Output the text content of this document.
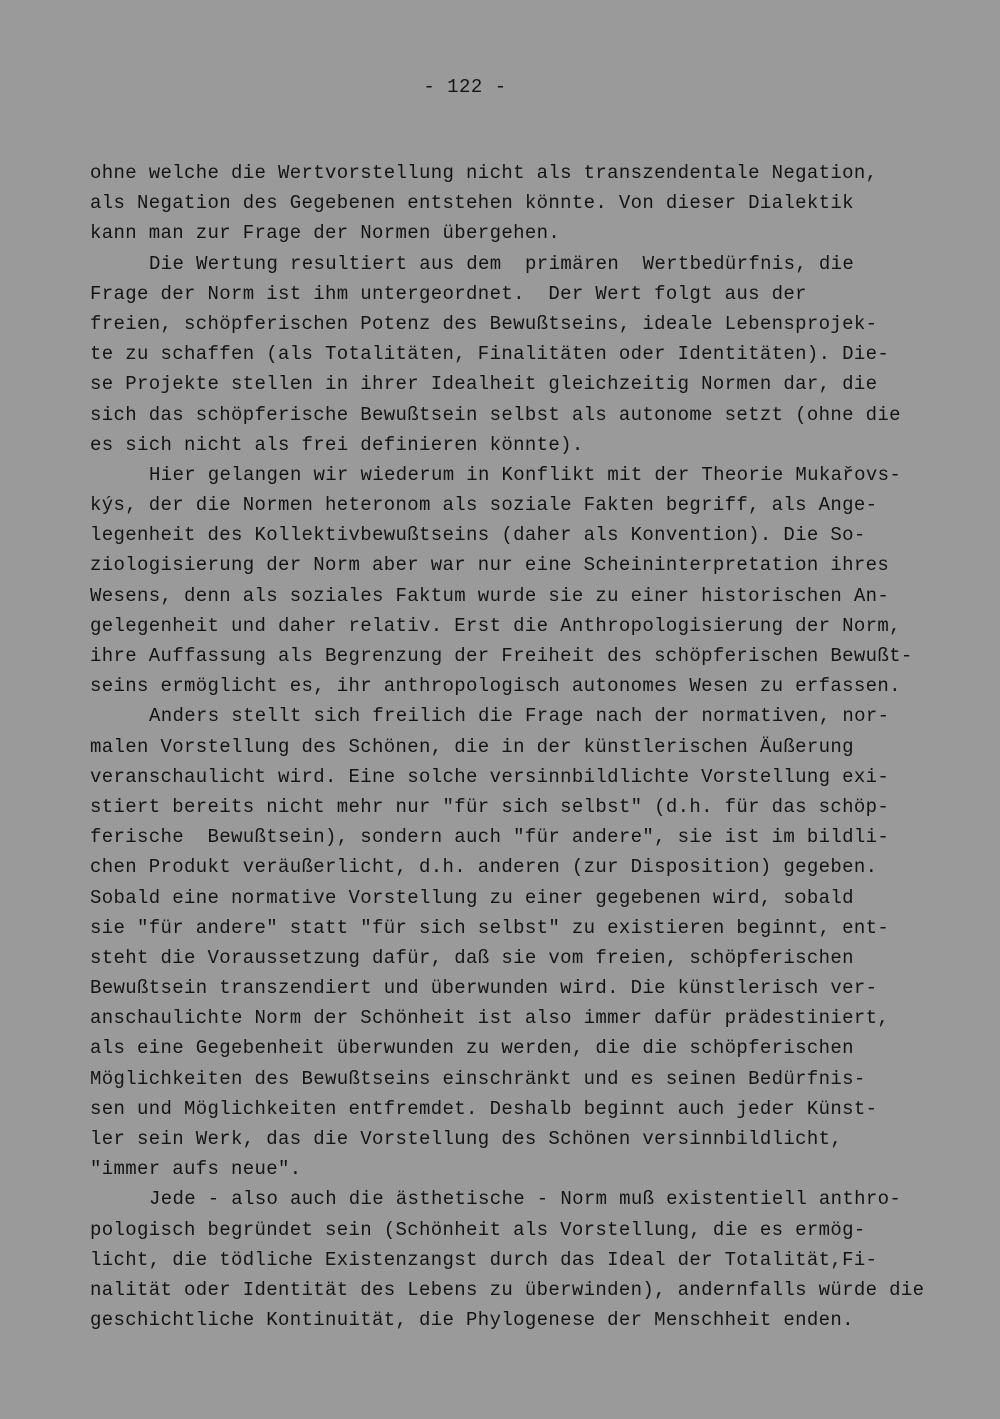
- 122 -
ohne welche die Wertvorstellung nicht als transzendentale Negation,
als Negation des Gegebenen entstehen könnte. Von dieser Dialektik
kann man zur Frage der Normen übergehen.
Die Wertung resultiert aus dem  primären  Wertbedürfnis, die
Frage der Norm ist ihm untergeordnet.  Der Wert folgt aus der
freien, schöpferischen Potenz des Bewußtseins, ideale Lebensprojek-
te zu schaffen (als Totalitäten, Finalitäten oder Identitäten). Die-
se Projekte stellen in ihrer Idealheit gleichzeitig Normen dar, die
sich das schöpferische Bewußtsein selbst als autonome setzt (ohne die
es sich nicht als frei definieren könnte).
Hier gelangen wir wiederum in Konflikt mit der Theorie Mukařovs-
kýs, der die Normen heteronom als soziale Fakten begriff, als Ange-
legenheit des Kollektivbewußtseins (daher als Konvention). Die So-
ziologisierung der Norm aber war nur eine Scheininterpretation ihres
Wesens, denn als soziales Faktum wurde sie zu einer historischen An-
gelegenheit und daher relativ. Erst die Anthropologisierung der Norm,
ihre Auffassung als Begrenzung der Freiheit des schöpferischen Bewußt-
seins ermöglicht es, ihr anthropologisch autonomes Wesen zu erfassen.
Anders stellt sich freilich die Frage nach der normativen, nor-
malen Vorstellung des Schönen, die in der künstlerischen Äußerung
veranschaulicht wird. Eine solche versinnbildlichte Vorstellung exi-
stiert bereits nicht mehr nur "für sich selbst" (d.h. für das schöp-
ferische  Bewußtsein), sondern auch "für andere", sie ist im bildli-
chen Produkt veräußerlicht, d.h. anderen (zur Disposition) gegeben.
Sobald eine normative Vorstellung zu einer gegebenen wird, sobald
sie "für andere" statt "für sich selbst" zu existieren beginnt, ent-
steht die Voraussetzung dafür, daß sie vom freien, schöpferischen
Bewußtsein transzendiert und überwunden wird. Die künstlerisch ver-
anschaulichte Norm der Schönheit ist also immer dafür prädestiniert,
als eine Gegebenheit überwunden zu werden, die die schöpferischen
Möglichkeiten des Bewußtseins einschränkt und es seinen Bedürfnis-
sen und Möglichkeiten entfremdet. Deshalb beginnt auch jeder Künst-
ler sein Werk, das die Vorstellung des Schönen versinnbildlicht,
"immer aufs neue".
Jede - also auch die ästhetische - Norm muß existentiell anthro-
pologisch begründet sein (Schönheit als Vorstellung, die es ermög-
licht, die tödliche Existenzangst durch das Ideal der Totalität,Fi-
nalität oder Identität des Lebens zu überwinden), andernfalls würde die
geschichtliche Kontinuität, die Phylogenese der Menschheit enden.
